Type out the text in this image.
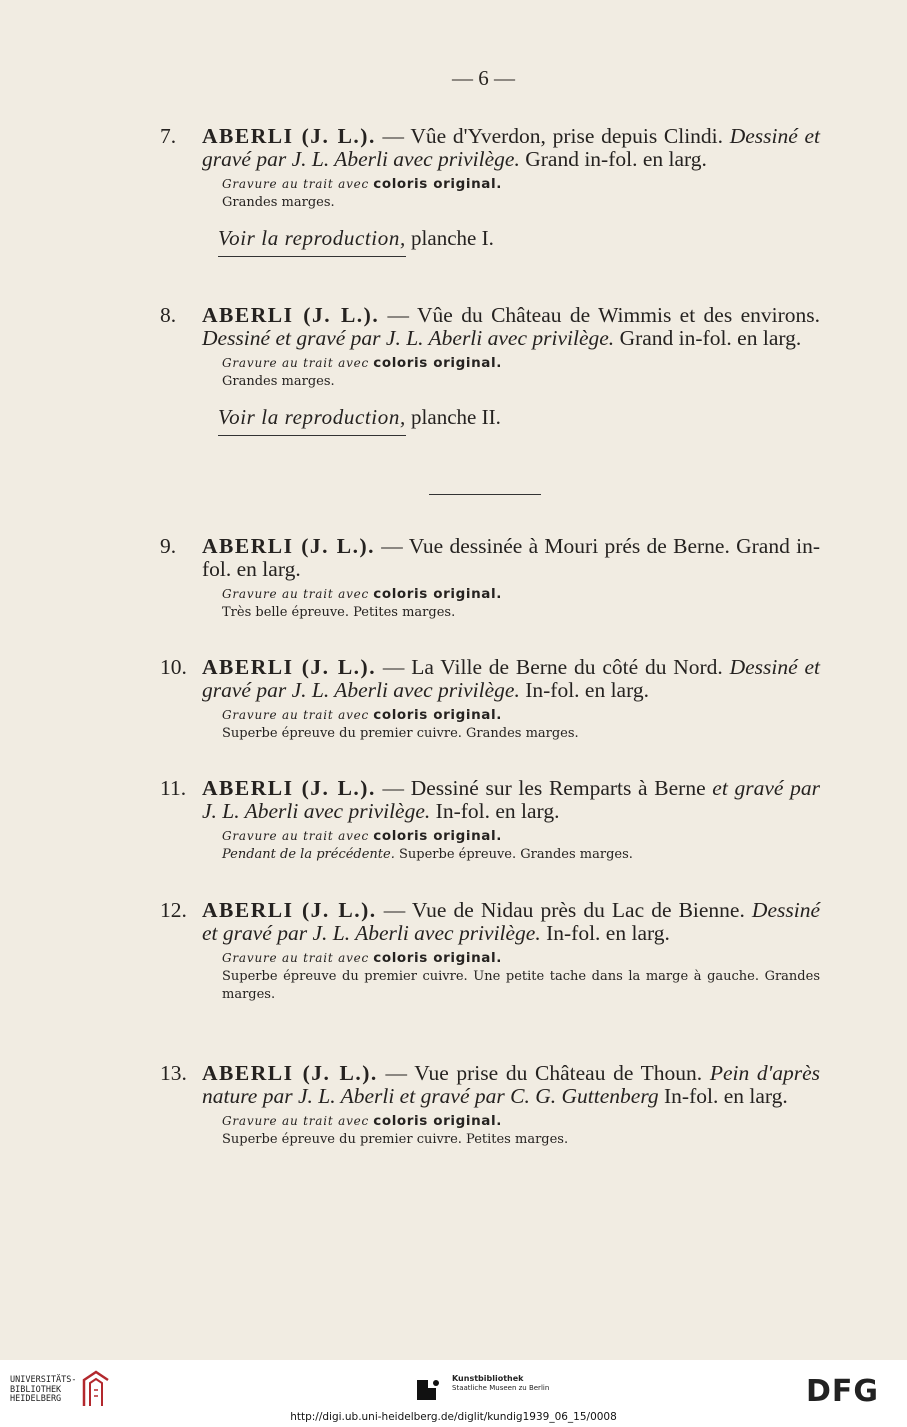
— 6 —

7. ABERLI (J. L.). — Vûe d'Yverdon, prise depuis Clindi. Dessiné et gravé par J. L. Aberli avec privilège. Grand in-fol. en larg.

Gravure au trait avec coloris original.
Grandes marges.

Voir la reproduction, planche I.

8. ABERLI (J. L.). — Vûe du Château de Wimmis et des environs. Dessiné et gravé par J. L. Aberli avec privilège. Grand in-fol. en larg.

Gravure au trait avec coloris original.
Grandes marges.

Voir la reproduction, planche II.

9. ABERLI (J. L.). — Vue dessinée à Mouri prés de Berne. Grand in-fol. en larg.

Gravure au trait avec coloris original.
Très belle épreuve. Petites marges.

10. ABERLI (J. L.). — La Ville de Berne du côté du Nord. Dessiné et gravé par J. L. Aberli avec privilège. In-fol. en larg.

Gravure au trait avec coloris original.
Superbe épreuve du premier cuivre. Grandes marges.

11. ABERLI (J. L.). — Dessiné sur les Remparts à Berne et gravé par J. L. Aberli avec privilège. In-fol. en larg.

Gravure au trait avec coloris original.
Pendant de la précédente. Superbe épreuve. Grandes marges.

12. ABERLI (J. L.). — Vue de Nidau près du Lac de Bienne. Dessiné et gravé par J. L. Aberli avec privilège. In-fol. en larg.

Gravure au trait avec coloris original.
Superbe épreuve du premier cuivre. Une petite tache dans la marge à gauche. Grandes marges.

13. ABERLI (J. L.). — Vue prise du Château de Thoun. Pein d'après nature par J. L. Aberli et gravé par C. G. Guttenberg In-fol. en larg.

Gravure au trait avec coloris original.
Superbe épreuve du premier cuivre. Petites marges.

UNIVERSITÄTS-
BIBLIOTHEK
HEIDELBERG

Kunstbibliothek
Staatliche Museen zu Berlin	DFG
http://digi.ub.uni-heidelberg.de/diglit/kundig1939_06_15/0008
